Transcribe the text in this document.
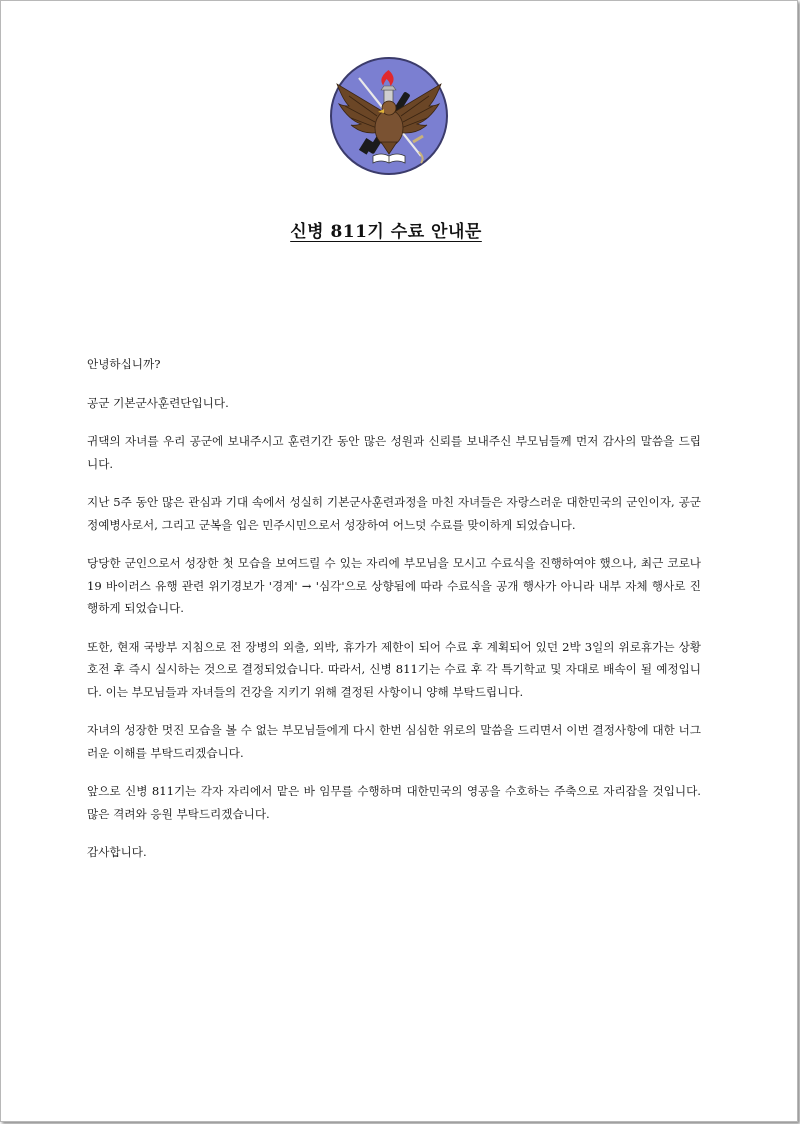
신병 811기 수료 안내문

안녕하십니까?

공군 기본군사훈련단입니다.

귀댁의 자녀를 우리 공군에 보내주시고 훈련기간 동안 많은 성원과 신뢰를 보내주신 부모님들께 먼저 감사의 말씀을 드립니다.

지난 5주 동안 많은 관심과 기대 속에서 성실히 기본군사훈련과정을 마친 자녀들은 자랑스러운 대한민국의 군인이자, 공군 정예병사로서, 그리고 군복을 입은 민주시민으로서 성장하여 어느덧 수료를 맞이하게 되었습니다.

당당한 군인으로서 성장한 첫 모습을 보여드릴 수 있는 자리에 부모님을 모시고 수료식을 진행하여야 했으나, 최근 코로나19 바이러스 유행 관련 위기경보가 '경계' → '심각'으로 상향됨에 따라 수료식을 공개 행사가 아니라 내부 자체 행사로 진행하게 되었습니다.

또한, 현재 국방부 지침으로 전 장병의 외출, 외박, 휴가가 제한이 되어 수료 후 계획되어 있던 2박 3일의 위로휴가는 상황 호전 후 즉시 실시하는 것으로 결정되었습니다. 따라서, 신병 811기는 수료 후 각 특기학교 및 자대로 배속이 될 예정입니다. 이는 부모님들과 자녀들의 건강을 지키기 위해 결정된 사항이니 양해 부탁드립니다.

자녀의 성장한 멋진 모습을 볼 수 없는 부모님들에게 다시 한번 심심한 위로의 말씀을 드리면서 이번 결정사항에 대한 너그러운 이해를 부탁드리겠습니다.

앞으로 신병 811기는 각자 자리에서 맡은 바 임무를 수행하며 대한민국의 영공을 수호하는 주축으로 자리잡을 것입니다. 많은 격려와 응원 부탁드리겠습니다.

감사합니다.
